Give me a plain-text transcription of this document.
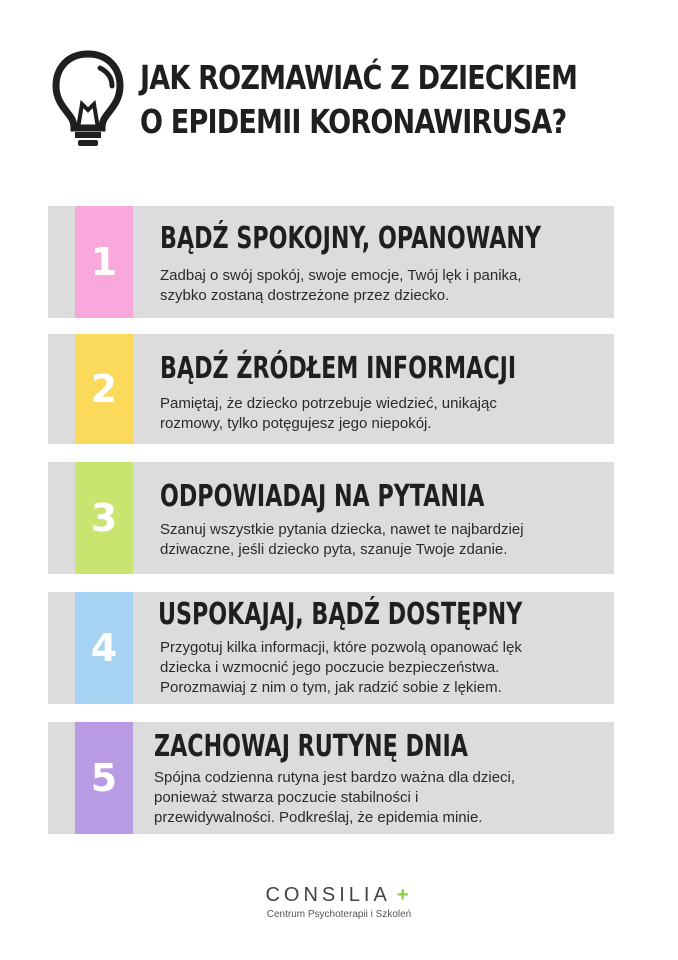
JAK ROZMAWIAĆ Z DZIECKIEM
O EPIDEMII KORONAWIRUSA?
1
BĄDŹ SPOKOJNY, OPANOWANY
Zadbaj o swój spokój, swoje emocje, Twój lęk i panika,
szybko zostaną dostrzeżone przez dziecko.
2	BĄDŹ ŹRÓDŁEM INFORMACJI
Pamiętaj, że dziecko potrzebuje wiedzieć, unikając
rozmowy, tylko potęgujesz jego niepokój.
3	ODPOWIADAJ NA PYTANIA
Szanuj wszystkie pytania dziecka, nawet te najbardziej
dziwaczne, jeśli dziecko pyta, szanuje Twoje zdanie.
4
USPOKAJAJ, BĄDŹ DOSTĘPNY
Przygotuj kilka informacji, które pozwolą opanować lęk
dziecka i wzmocnić jego poczucie bezpieczeństwa.
Porozmawiaj z nim o tym, jak radzić sobie z lękiem.
5
ZACHOWAJ RUTYNĘ DNIA
Spójna codzienna rutyna jest bardzo ważna dla dzieci,
ponieważ stwarza poczucie stabilności i
przewidywalności. Podkreślaj, że epidemia minie.
CONSILIA +
Centrum Psychoterapii i Szkoleń
